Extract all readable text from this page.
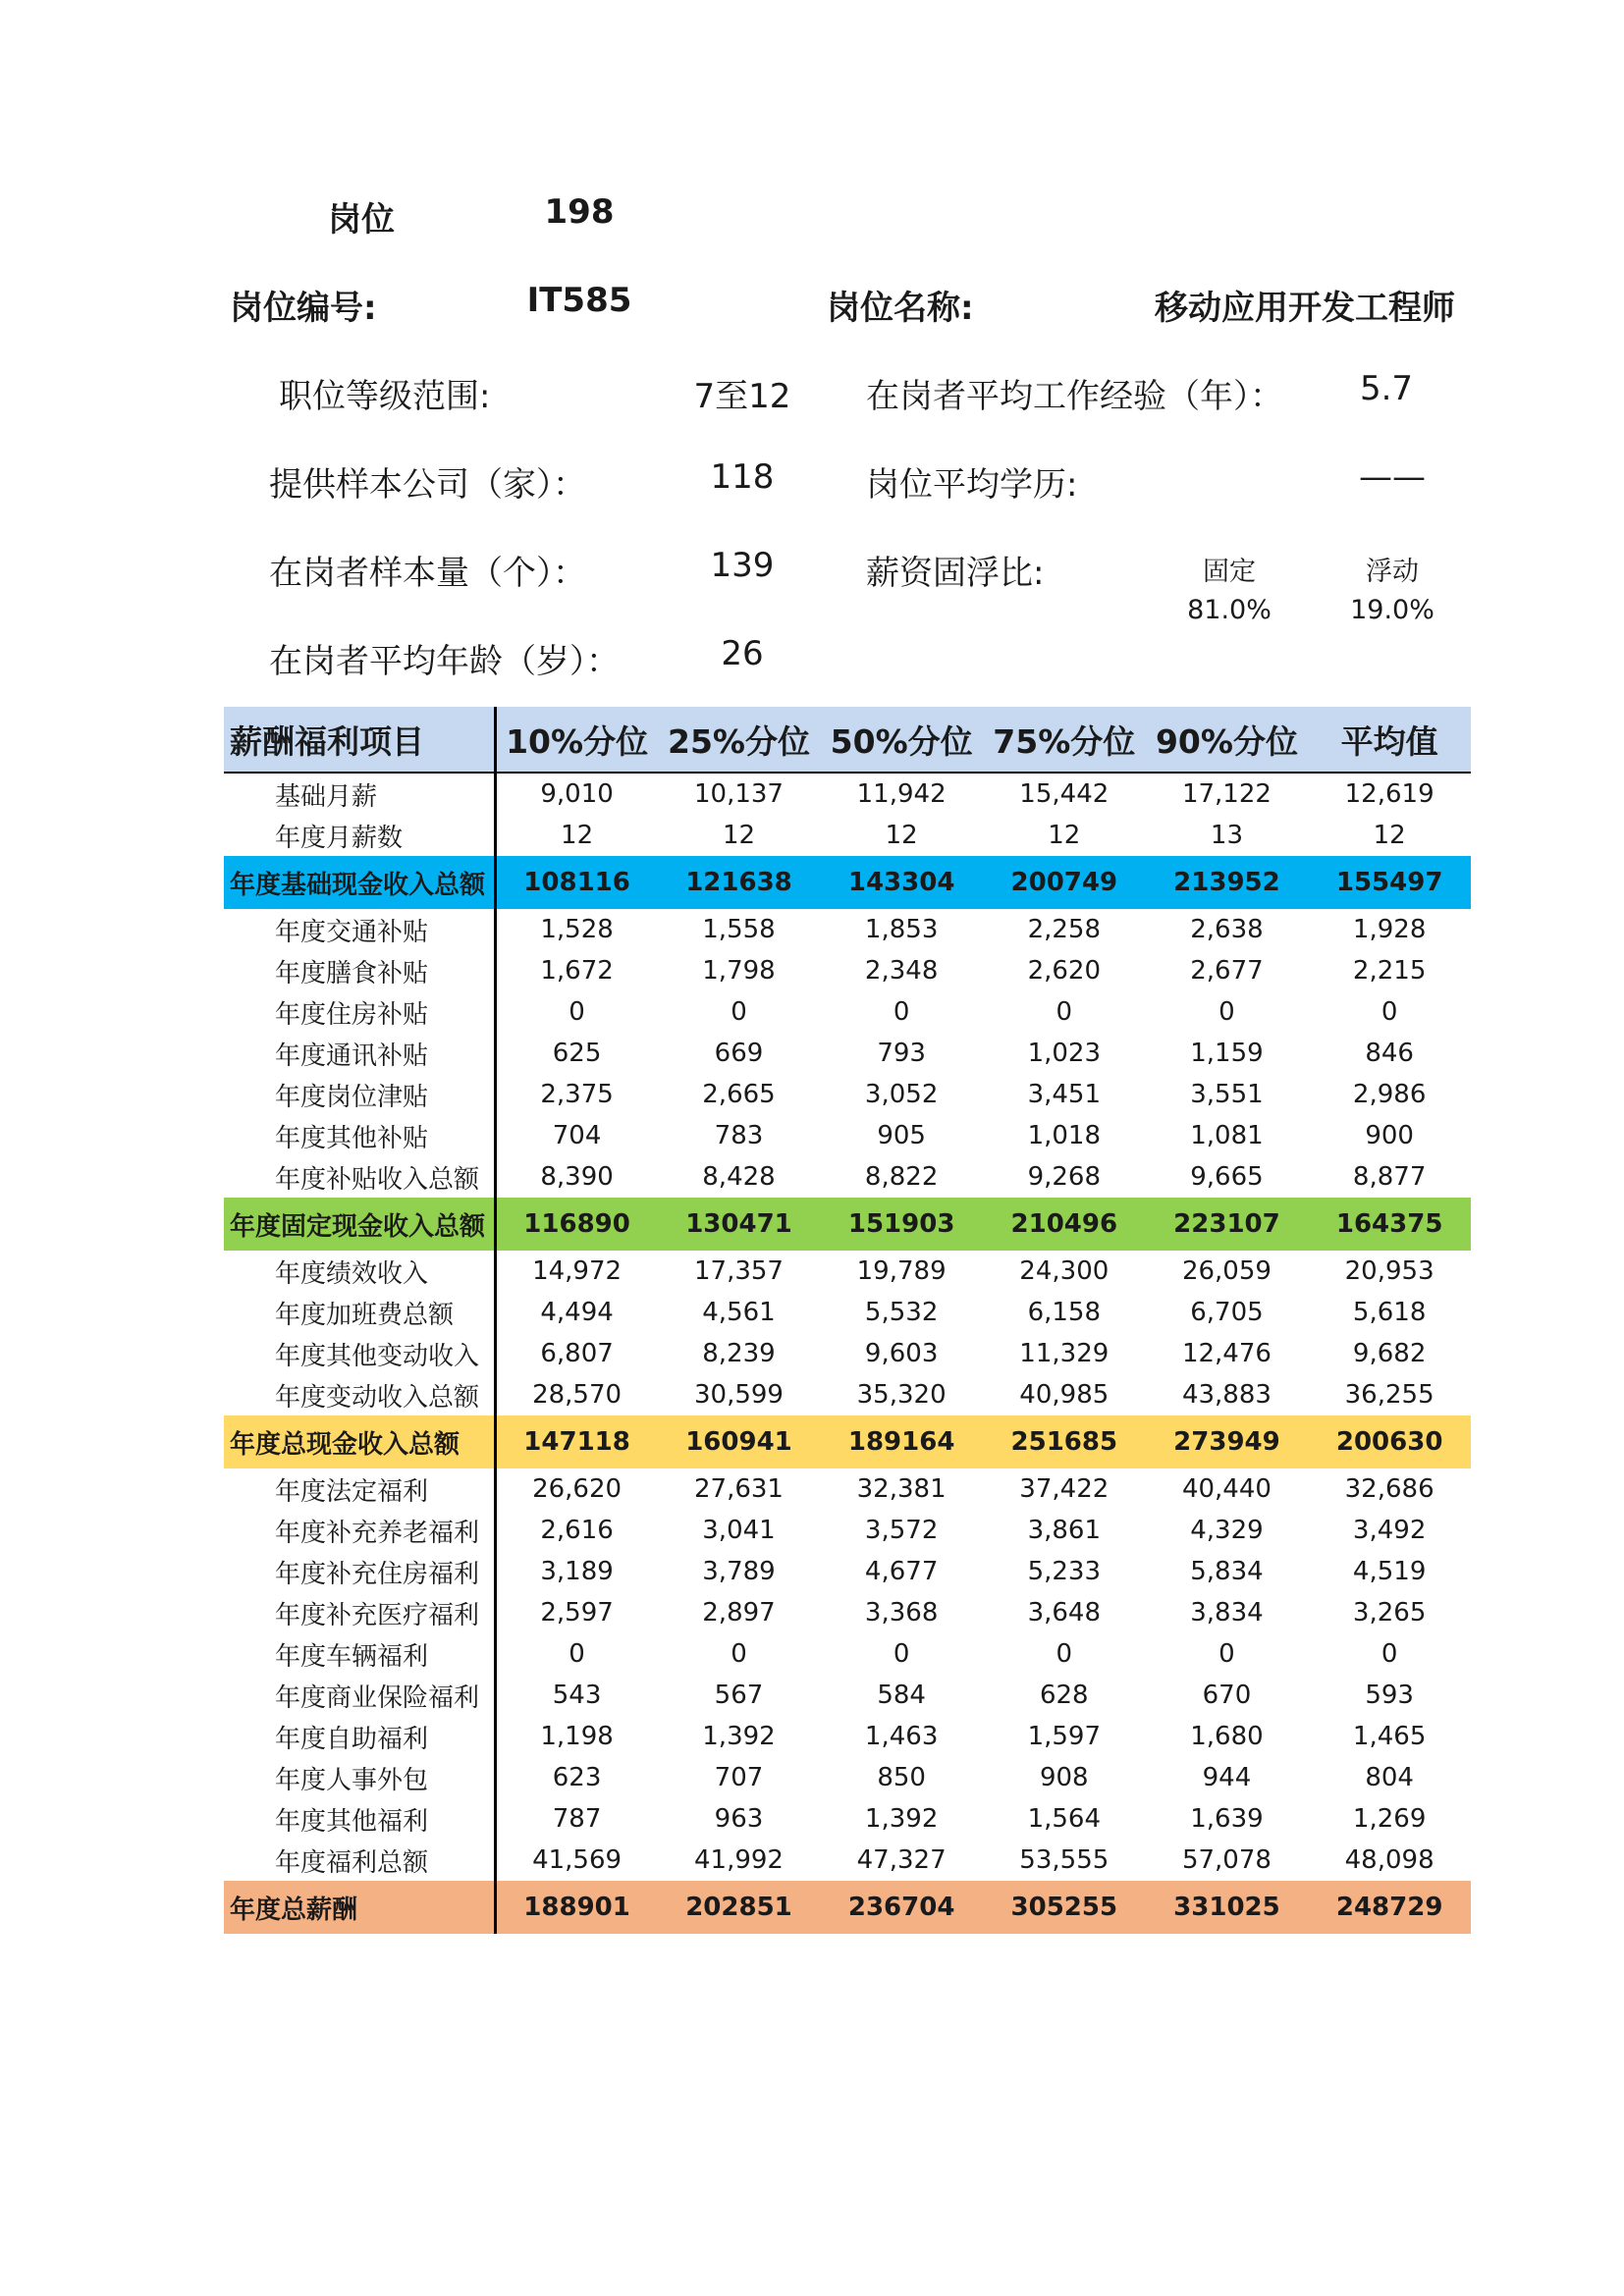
岗位	198
岗位编号:	IT585	岗位名称:	移动应用开发工程师
职位等级范围:	7至12 在岗者平均工作经验（年）： 5.7
提供样本公司（家）：	118	岗位平均学历:	——
在岗者样本量（个）：	139	薪资固浮比:	固定	浮动
81.0%	19.0%
在岗者平均年龄（岁）：	26
薪酬福利项目	10%分位	25%分位	50%分位	75%分位	90%分位	平均值
基础月薪	9,010	10,137	11,942	15,442	17,122	12,619
年度月薪数	12	12	12	12	13	12
年度基础现金收入总额	108116	121638	143304	200749	213952	155497
年度交通补贴	1,528	1,558	1,853	2,258	2,638	1,928
年度膳食补贴	1,672	1,798	2,348	2,620	2,677	2,215
年度住房补贴	0	0	0	0	0	0
年度通讯补贴	625	669	793	1,023	1,159	846
年度岗位津贴	2,375	2,665	3,052	3,451	3,551	2,986
年度其他补贴	704	783	905	1,018	1,081	900
年度补贴收入总额	8,390	8,428	8,822	9,268	9,665	8,877
年度固定现金收入总额	116890	130471	151903	210496	223107	164375
年度绩效收入	14,972	17,357	19,789	24,300	26,059	20,953
年度加班费总额	4,494	4,561	5,532	6,158	6,705	5,618
年度其他变动收入	6,807	8,239	9,603	11,329	12,476	9,682
年度变动收入总额	28,570	30,599	35,320	40,985	43,883	36,255
年度总现金收入总额	147118	160941	189164	251685	273949	200630
年度法定福利	26,620	27,631	32,381	37,422	40,440	32,686
年度补充养老福利	2,616	3,041	3,572	3,861	4,329	3,492
年度补充住房福利	3,189	3,789	4,677	5,233	5,834	4,519
年度补充医疗福利	2,597	2,897	3,368	3,648	3,834	3,265
年度车辆福利	0	0	0	0	0	0
年度商业保险福利	543	567	584	628	670	593
年度自助福利	1,198	1,392	1,463	1,597	1,680	1,465
年度人事外包	623	707	850	908	944	804
年度其他福利	787	963	1,392	1,564	1,639	1,269
年度福利总额	41,569	41,992	47,327	53,555	57,078	48,098
年度总薪酬	188901	202851	236704	305255	331025	248729
